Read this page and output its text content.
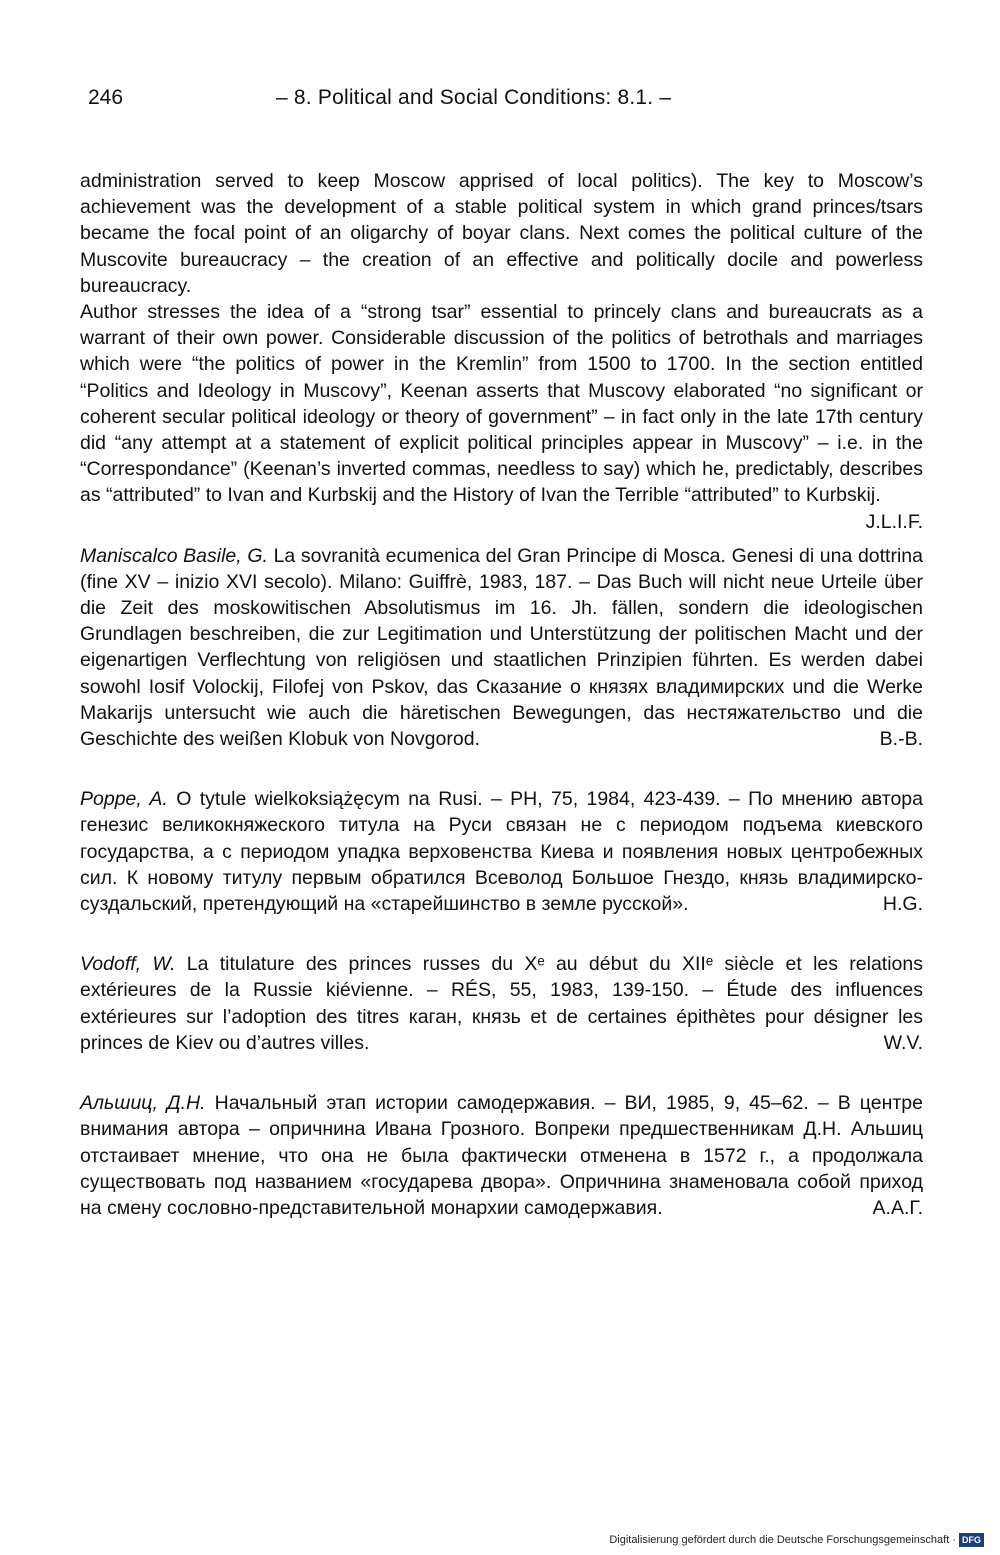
246	– 8. Political and Social Conditions: 8.1. –

administration served to keep Moscow apprised of local politics). The key to Moscow’s achievement was the development of a stable political system in which grand princes/tsars became the focal point of an oligarchy of boyar clans. Next comes the political culture of the Muscovite bureaucracy – the creation of an effective and politically docile and powerless bureaucracy.

Author stresses the idea of a “strong tsar” essential to princely clans and bureaucrats as a warrant of their own power. Considerable discussion of the politics of betrothals and marriages which were “the politics of power in the Kremlin” from 1500 to 1700. In the section entitled “Politics and Ideology in Muscovy”, Keenan asserts that Muscovy elaborated “no significant or coherent secular political ideology or theory of government” – in fact only in the late 17th century did “any attempt at a statement of explicit political principles appear in Muscovy” – i.e. in the “Correspondance” (Keenan’s inverted commas, needless to say) which he, predictably, describes as “attributed” to Ivan and Kurbskij and the History of Ivan the Terrible “attributed” to Kurbskij.
J.L.I.F.

Maniscalco Basile, G. La sovranità ecumenica del Gran Principe di Mosca. Genesi di una dottrina (fine XV – inizio XVI secolo). Milano: Guiffrè, 1983, 187. – Das Buch will nicht neue Urteile über die Zeit des moskowitischen Absolutismus im 16. Jh. fällen, sondern die ideologischen Grundlagen beschreiben, die zur Legitimation und Unterstützung der politischen Macht und der eigenartigen Verflechtung von religiösen und staatlichen Prinzipien führten. Es werden dabei sowohl Iosif Volockij, Filofej von Pskov, das Сказание о князях владимирских und die Werke Makarijs untersucht wie auch die häretischen Bewegungen, das нестяжательство und die Geschichte des weißen Klobuk von Novgorod.	B.-B.

Poppe, A. O tytule wielkoksiążęcym na Rusi. – PH, 75, 1984, 423-439. – По мнению автора генезис великокняжеского титула на Руси связан не с периодом подъема киевского государства, а с периодом упадка верховенства Киева и появления новых центробежных сил. К новому титулу первым обратился Всеволод Большое Гнездо, князь владимирско-суздальский, претендующий на «старейшинство в земле русской».	H.G.

Vodoff, W. La titulature des princes russes du Xᵉ au début du XIIᵉ siècle et les relations extérieures de la Russie kiévienne. – RÉS, 55, 1983, 139-150. – Étude des influences extérieures sur l’adoption des titres каган, князь et de certaines épithètes pour désigner les princes de Kiev ou d’autres villes.	W.V.

Альшиц, Д.Н. Начальный этап истории самодержавия. – ВИ, 1985, 9, 45–62. – В центре внимания автора – опричнина Ивана Грозного. Вопреки предшественникам Д.Н. Альшиц отстаивает мнение, что она не была фактически отменена в 1572 г., а продолжала существовать под названием «государева двора». Опричнина знаменовала собой приход на смену сословно-представительной монархии самодержавия.	А.А.Г.

Digitalisierung gefördert durch die Deutsche Forschungsgemeinschaft · DFG
